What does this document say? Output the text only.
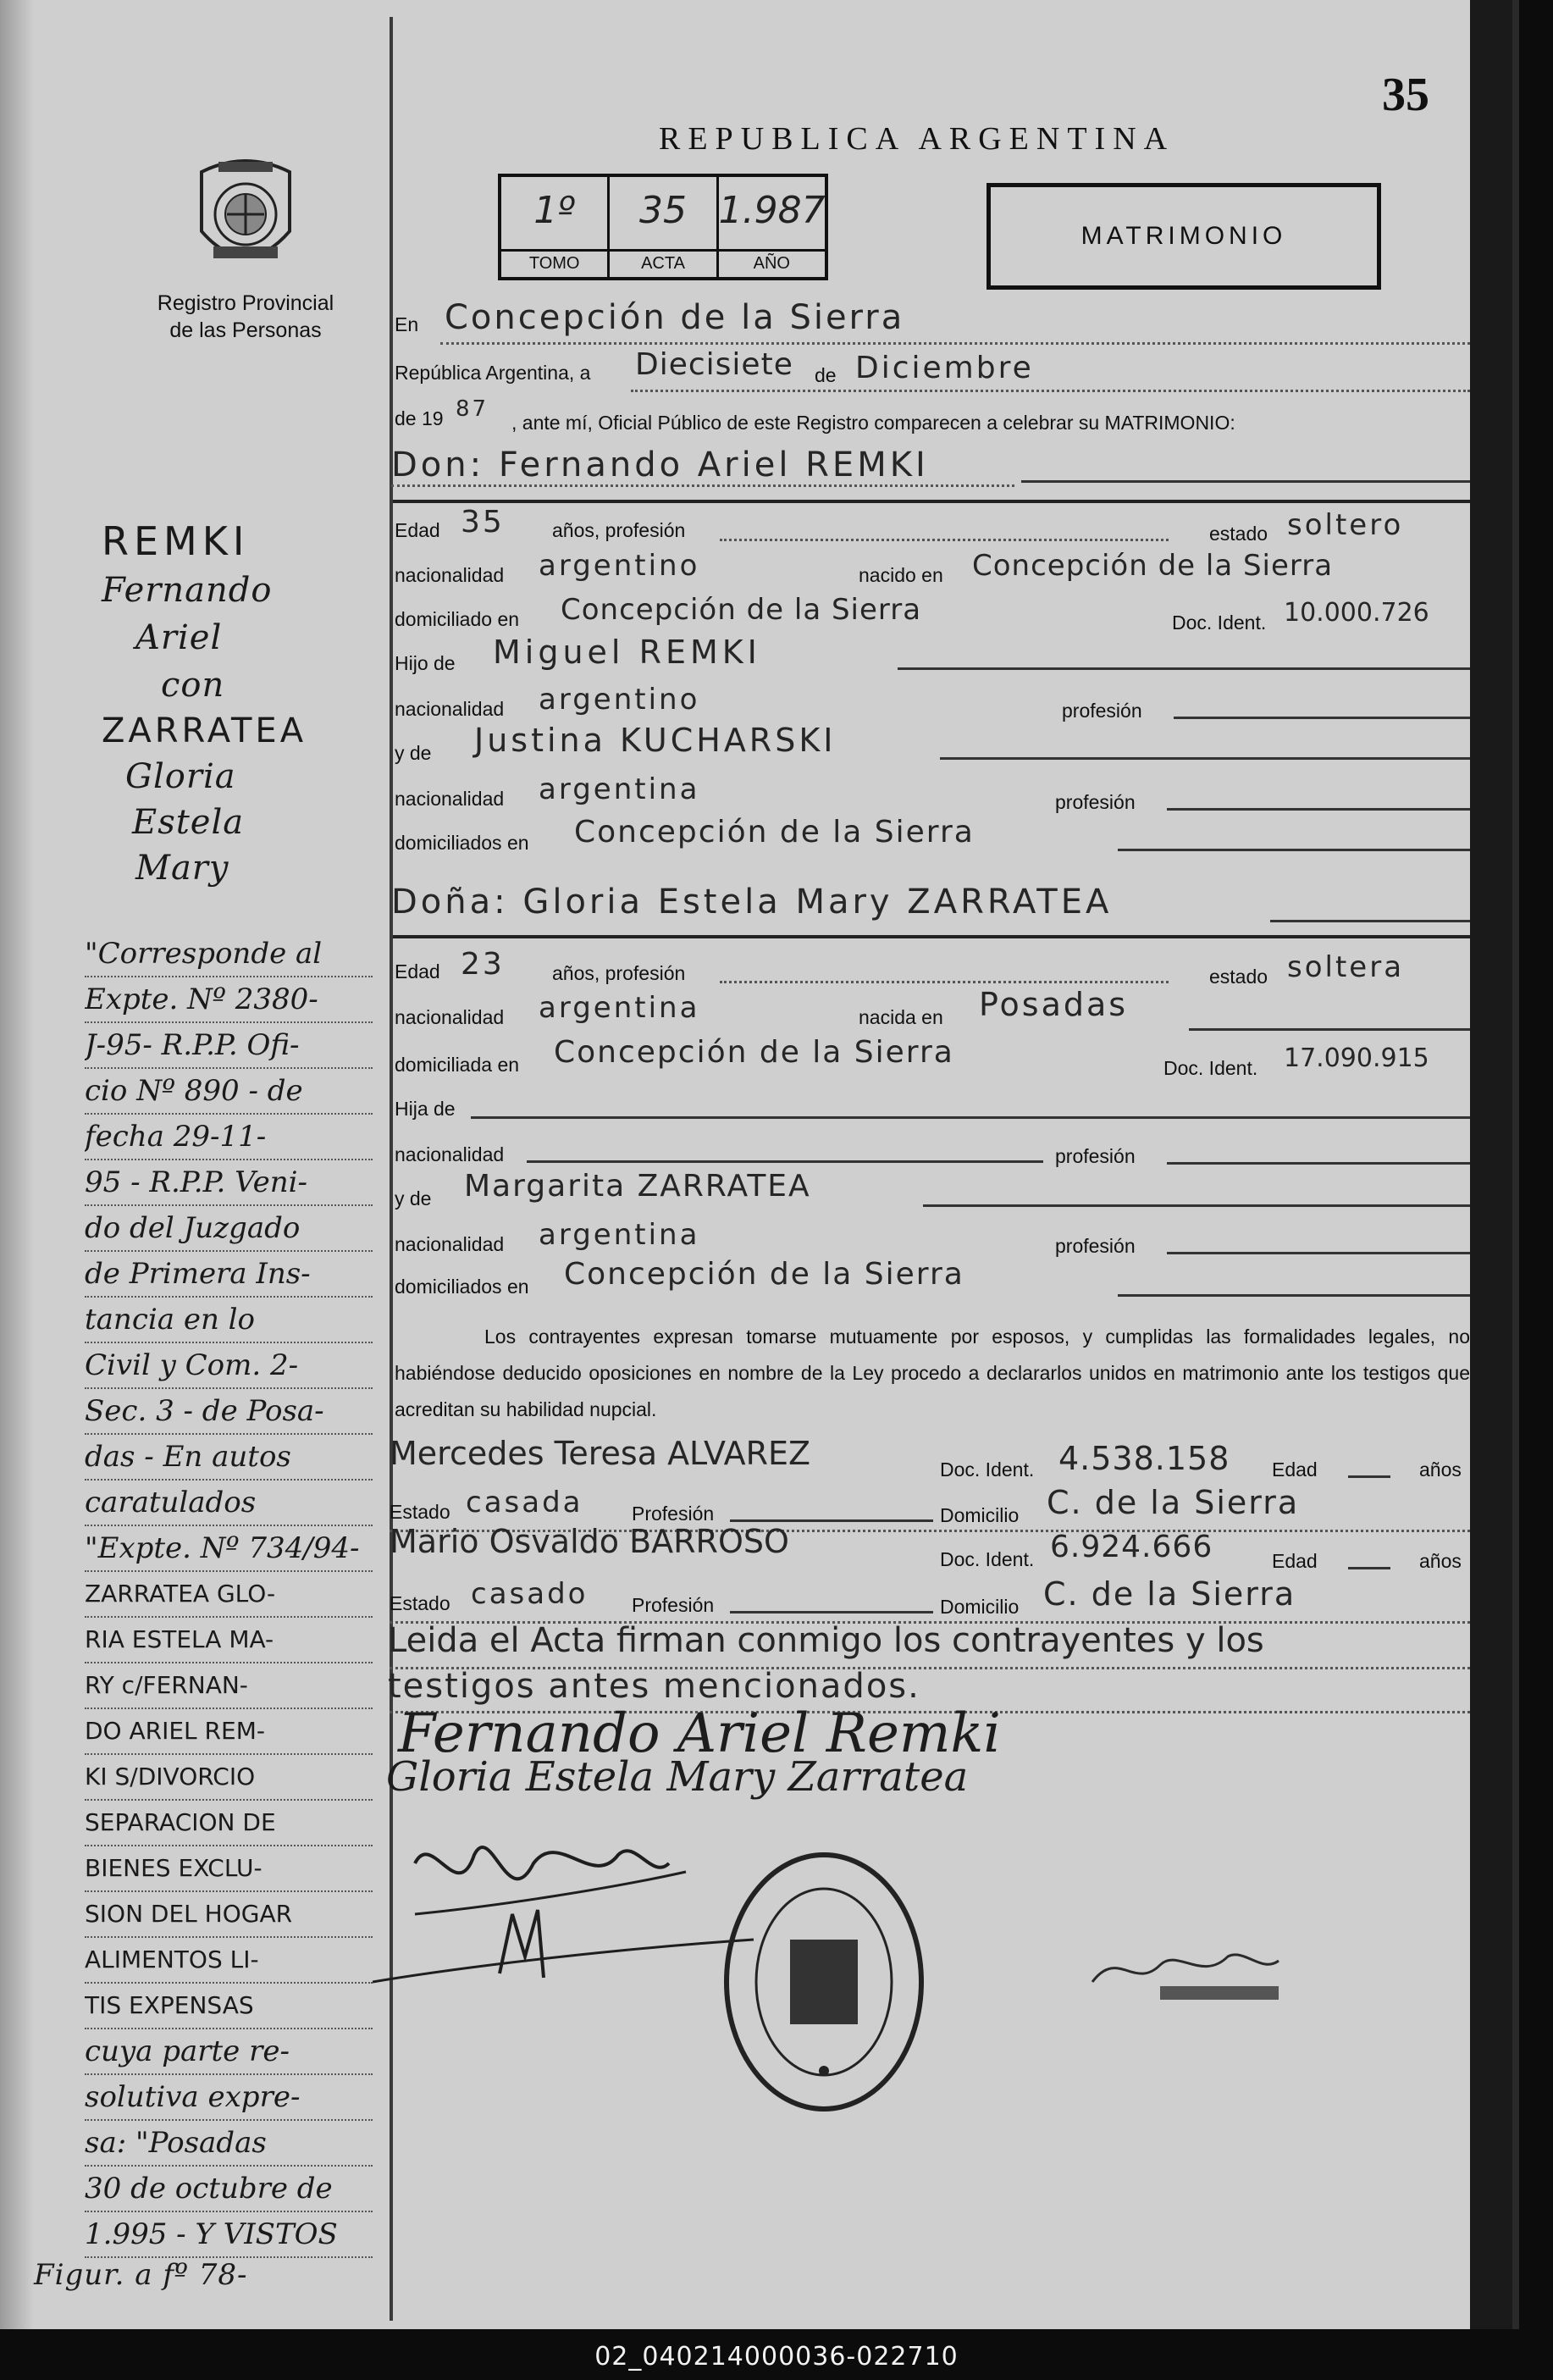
35
REPUBLICA ARGENTINA
Registro Provincial
de las Personas
1º
TOMO
35
ACTA
1.987
AÑO
MATRIMONIO
En Concepción de la Sierra
República Argentina, a Diecisiete de Diciembre
de 19 87
, ante mí, Oficial Público de este Registro comparecen a celebrar su MATRIMONIO:
Don: Fernando Ariel REMKI
Edad 35 años, profesión	estado soltero
nacionalidad argentino	nacido en Concepción de la Sierra
domiciliado en Concepción de la Sierra	Doc. Ident. 10.000.726
Hijo de Miguel REMKI
nacionalidad argentino	profesión
y de Justina KUCHARSKI
nacionalidad argentina	profesión
domiciliados en Concepción de la Sierra
Doña: Gloria Estela Mary ZARRATEA
Edad 23 años, profesión	estado soltera
nacionalidad argentina	nacida en Posadas
domiciliada en Concepción de la Sierra	Doc. Ident. 17.090.915
Hija de
nacionalidad	profesión
y de Margarita ZARRATEA
nacionalidad argentina	profesión
domiciliados en Concepción de la Sierra
Los contrayentes expresan tomarse mutuamente por esposos, y cumplidas las formalidades legales, no habiéndose deducido oposiciones en nombre de la Ley procedo a declararlos unidos en matrimonio ante los testigos que acreditan su habilidad nupcial.
Mercedes Teresa ALVAREZ	Doc. Ident. 4.538.158 Edad	años
Estado casada	Profesión	Domicilio C. de la Sierra
Mario Osvaldo BARROSO	Doc. Ident. 6.924.666	Edad	años
Estado casado Profesión	Domicilio C. de la Sierra
Leida el Acta firman conmigo los contrayentes y los
testigos antes mencionados.
Fernando Ariel Remki
Gloria Estela Mary Zarratea
REMKI
Fernando
Ariel
con
ZARRATEA
Gloria
Estela
Mary
"Corresponde al
Expte. Nº 2380-
J-95- R.P.P. Ofi-
cio Nº 890 - de
fecha 29-11-
95 - R.P.P. Veni-
do del Juzgado
de Primera Ins-
tancia en lo
Civil y Com. 2-
Sec. 3 - de Posa-
das - En autos
caratulados
"Expte. Nº 734/94-
ZARRATEA GLO-
RIA ESTELA MA-
RY c/FERNAN-
DO ARIEL REM-
KI S/DIVORCIO
SEPARACION DE
BIENES EXCLU-
SION DEL HOGAR
ALIMENTOS LI-
TIS EXPENSAS
cuya parte re-
solutiva expre-
sa: "Posadas
30 de octubre de
1.995 - Y VISTOS
Figur. a fº 78-
02_040214000036-022710
